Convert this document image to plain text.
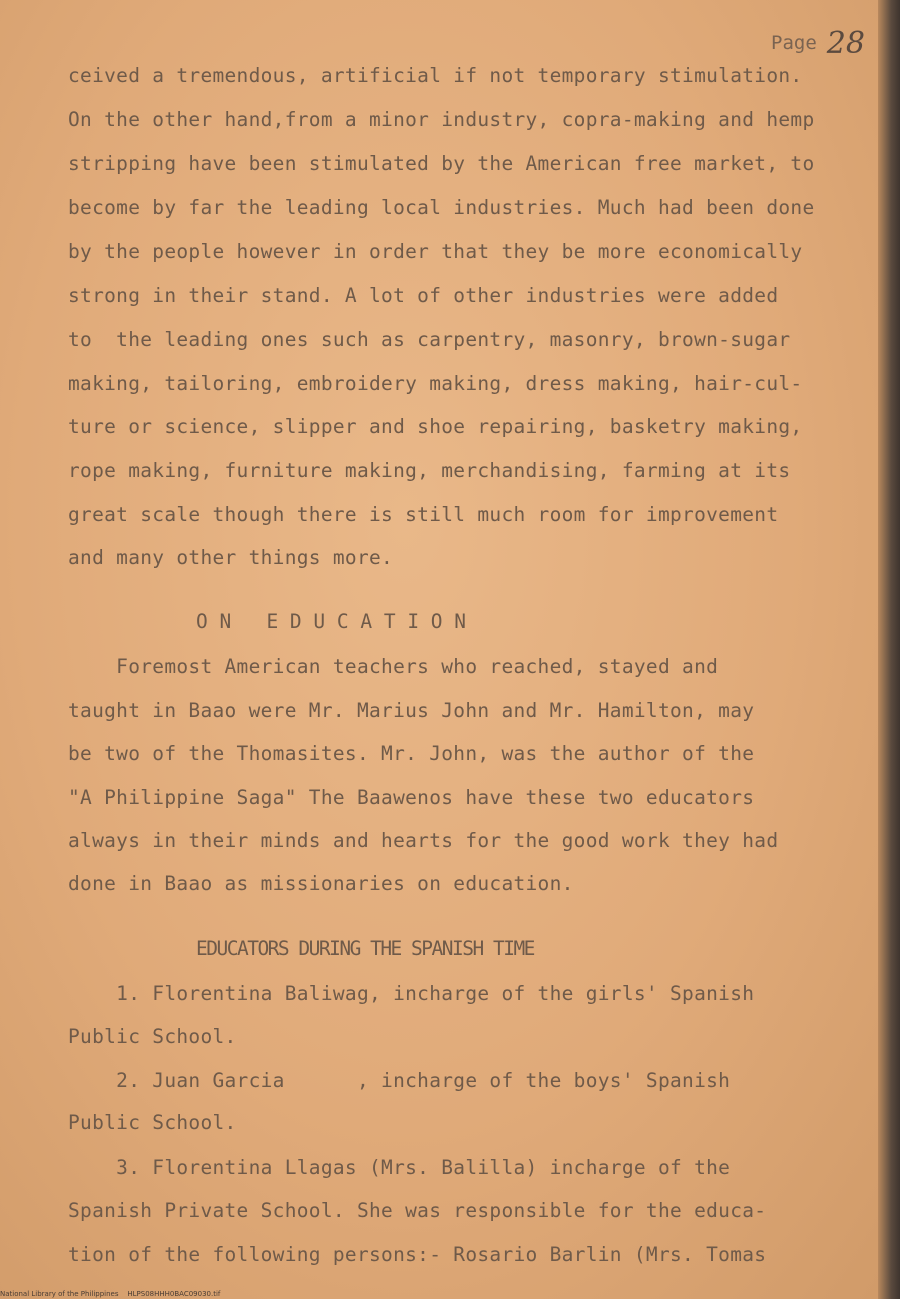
Page 28
ceived a tremendous, artificial if not temporary stimulation.
On the other hand,from a minor industry, copra-making and hemp
stripping have been stimulated by the American free market, to
become by far the leading local industries. Much had been done
by the people however in order that they be more economically
strong in their stand. A lot of other industries were added
to  the leading ones such as carpentry, masonry, brown-sugar
making, tailoring, embroidery making, dress making, hair-cul-
ture or science, slipper and shoe repairing, basketry making,
rope making, furniture making, merchandising, farming at its
great scale though there is still much room for improvement
and many other things more.
O N   E D U C A T I O N
Foremost American teachers who reached, stayed and
taught in Baao were Mr. Marius John and Mr. Hamilton, may
be two of the Thomasites. Mr. John, was the author of the
"A Philippine Saga" The Baawenos have these two educators
always in their minds and hearts for the good work they had
done in Baao as missionaries on education.
EDUCATORS DURING THE SPANISH TIME
1. Florentina Baliwag, incharge of the girls' Spanish
Public School.
2. Juan Garcia      , incharge of the boys' Spanish
Public School.
3. Florentina Llagas (Mrs. Balilla) incharge of the
Spanish Private School. She was responsible for the educa-
tion of the following persons:- Rosario Barlin (Mrs. Tomas
National Library of the Philippines    HLPS08HHH0BAC09030.tif
